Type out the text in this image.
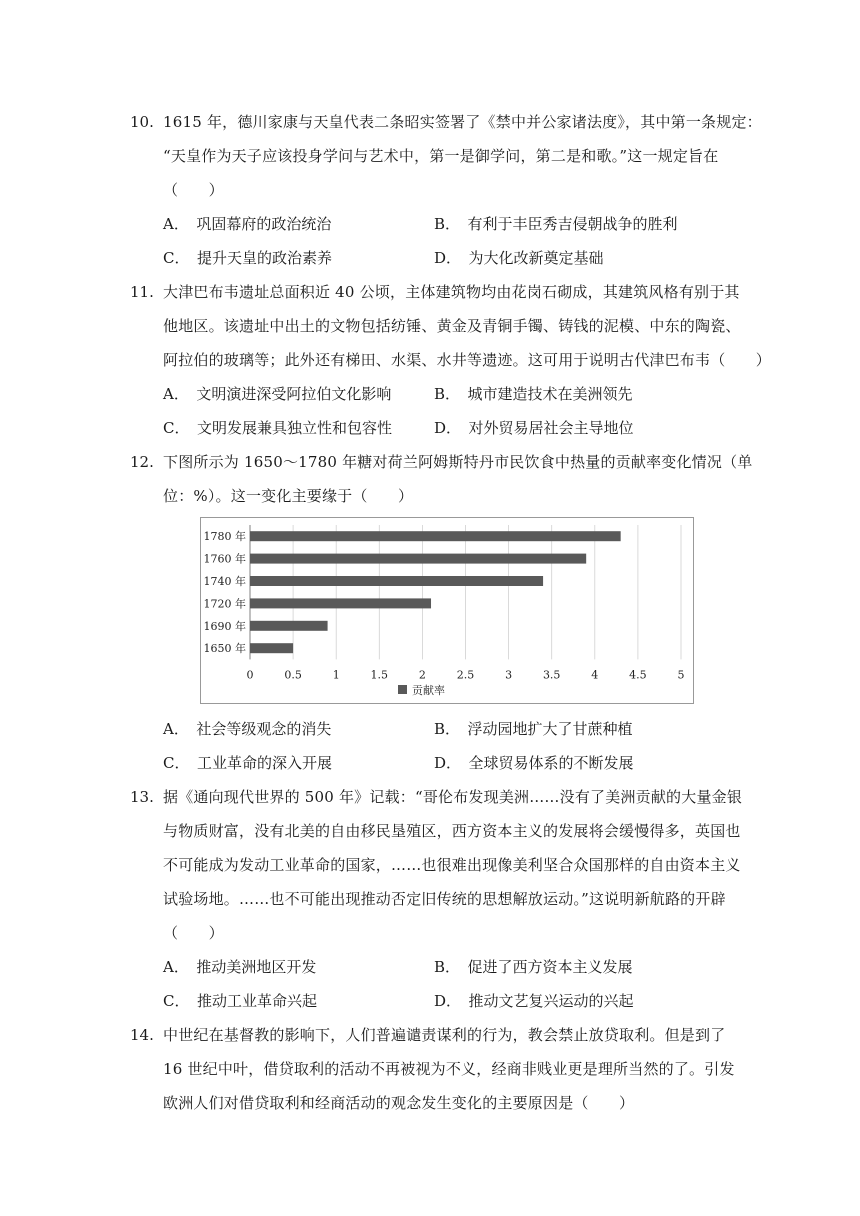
10. 1615 年，德川家康与天皇代表二条昭实签署了《禁中并公家诸法度》，其中第一条规定：
“天皇作为天子应该投身学问与艺术中，第一是御学问，第二是和歌。”这一规定旨在
（　　）
A．　巩固幕府的政治统治	B．　有利于丰臣秀吉侵朝战争的胜利
C．　提升天皇的政治素养	D．　为大化改新奠定基础
11. 大津巴布韦遗址总面积近 40 公顷，主体建筑物均由花岗石砌成，其建筑风格有别于其
他地区。该遗址中出土的文物包括纺锤、黄金及青铜手镯、铸钱的泥模、中东的陶瓷、
阿拉伯的玻璃等；此外还有梯田、水渠、水井等遗迹。这可用于说明古代津巴布韦（　　）
A．　文明演进深受阿拉伯文化影响	B．　城市建造技术在美洲领先
C．　文明发展兼具独立性和包容性	D．　对外贸易居社会主导地位
12. 下图所示为 1650～1780 年糖对荷兰阿姆斯特丹市民饮食中热量的贡献率变化情况（单
位：%）。这一变化主要缘于（　　）
1780 年
1760 年
1740 年
1720 年
1690 年
1650 年
0	0.5	1	1.5	2	2.5	3	3.5	4	4.5	5
贡献率
A．　社会等级观念的消失	B．　浮动园地扩大了甘蔗种植
C．　工业革命的深入开展	D．　全球贸易体系的不断发展
13. 据《通向现代世界的 500 年》记载：“哥伦布发现美洲……没有了美洲贡献的大量金银
与物质财富，没有北美的自由移民垦殖区，西方资本主义的发展将会缓慢得多，英国也
不可能成为发动工业革命的国家，……也很难出现像美利坚合众国那样的自由资本主义
试验场地。……也不可能出现推动否定旧传统的思想解放运动。”这说明新航路的开辟
（　　）
A．　推动美洲地区开发	B．　促进了西方资本主义发展
C．　推动工业革命兴起	D．　推动文艺复兴运动的兴起
14. 中世纪在基督教的影响下，人们普遍谴责谋利的行为，教会禁止放贷取利。但是到了
16 世纪中叶，借贷取利的活动不再被视为不义，经商非贱业更是理所当然的了。引发
欧洲人们对借贷取利和经商活动的观念发生变化的主要原因是（　　）
